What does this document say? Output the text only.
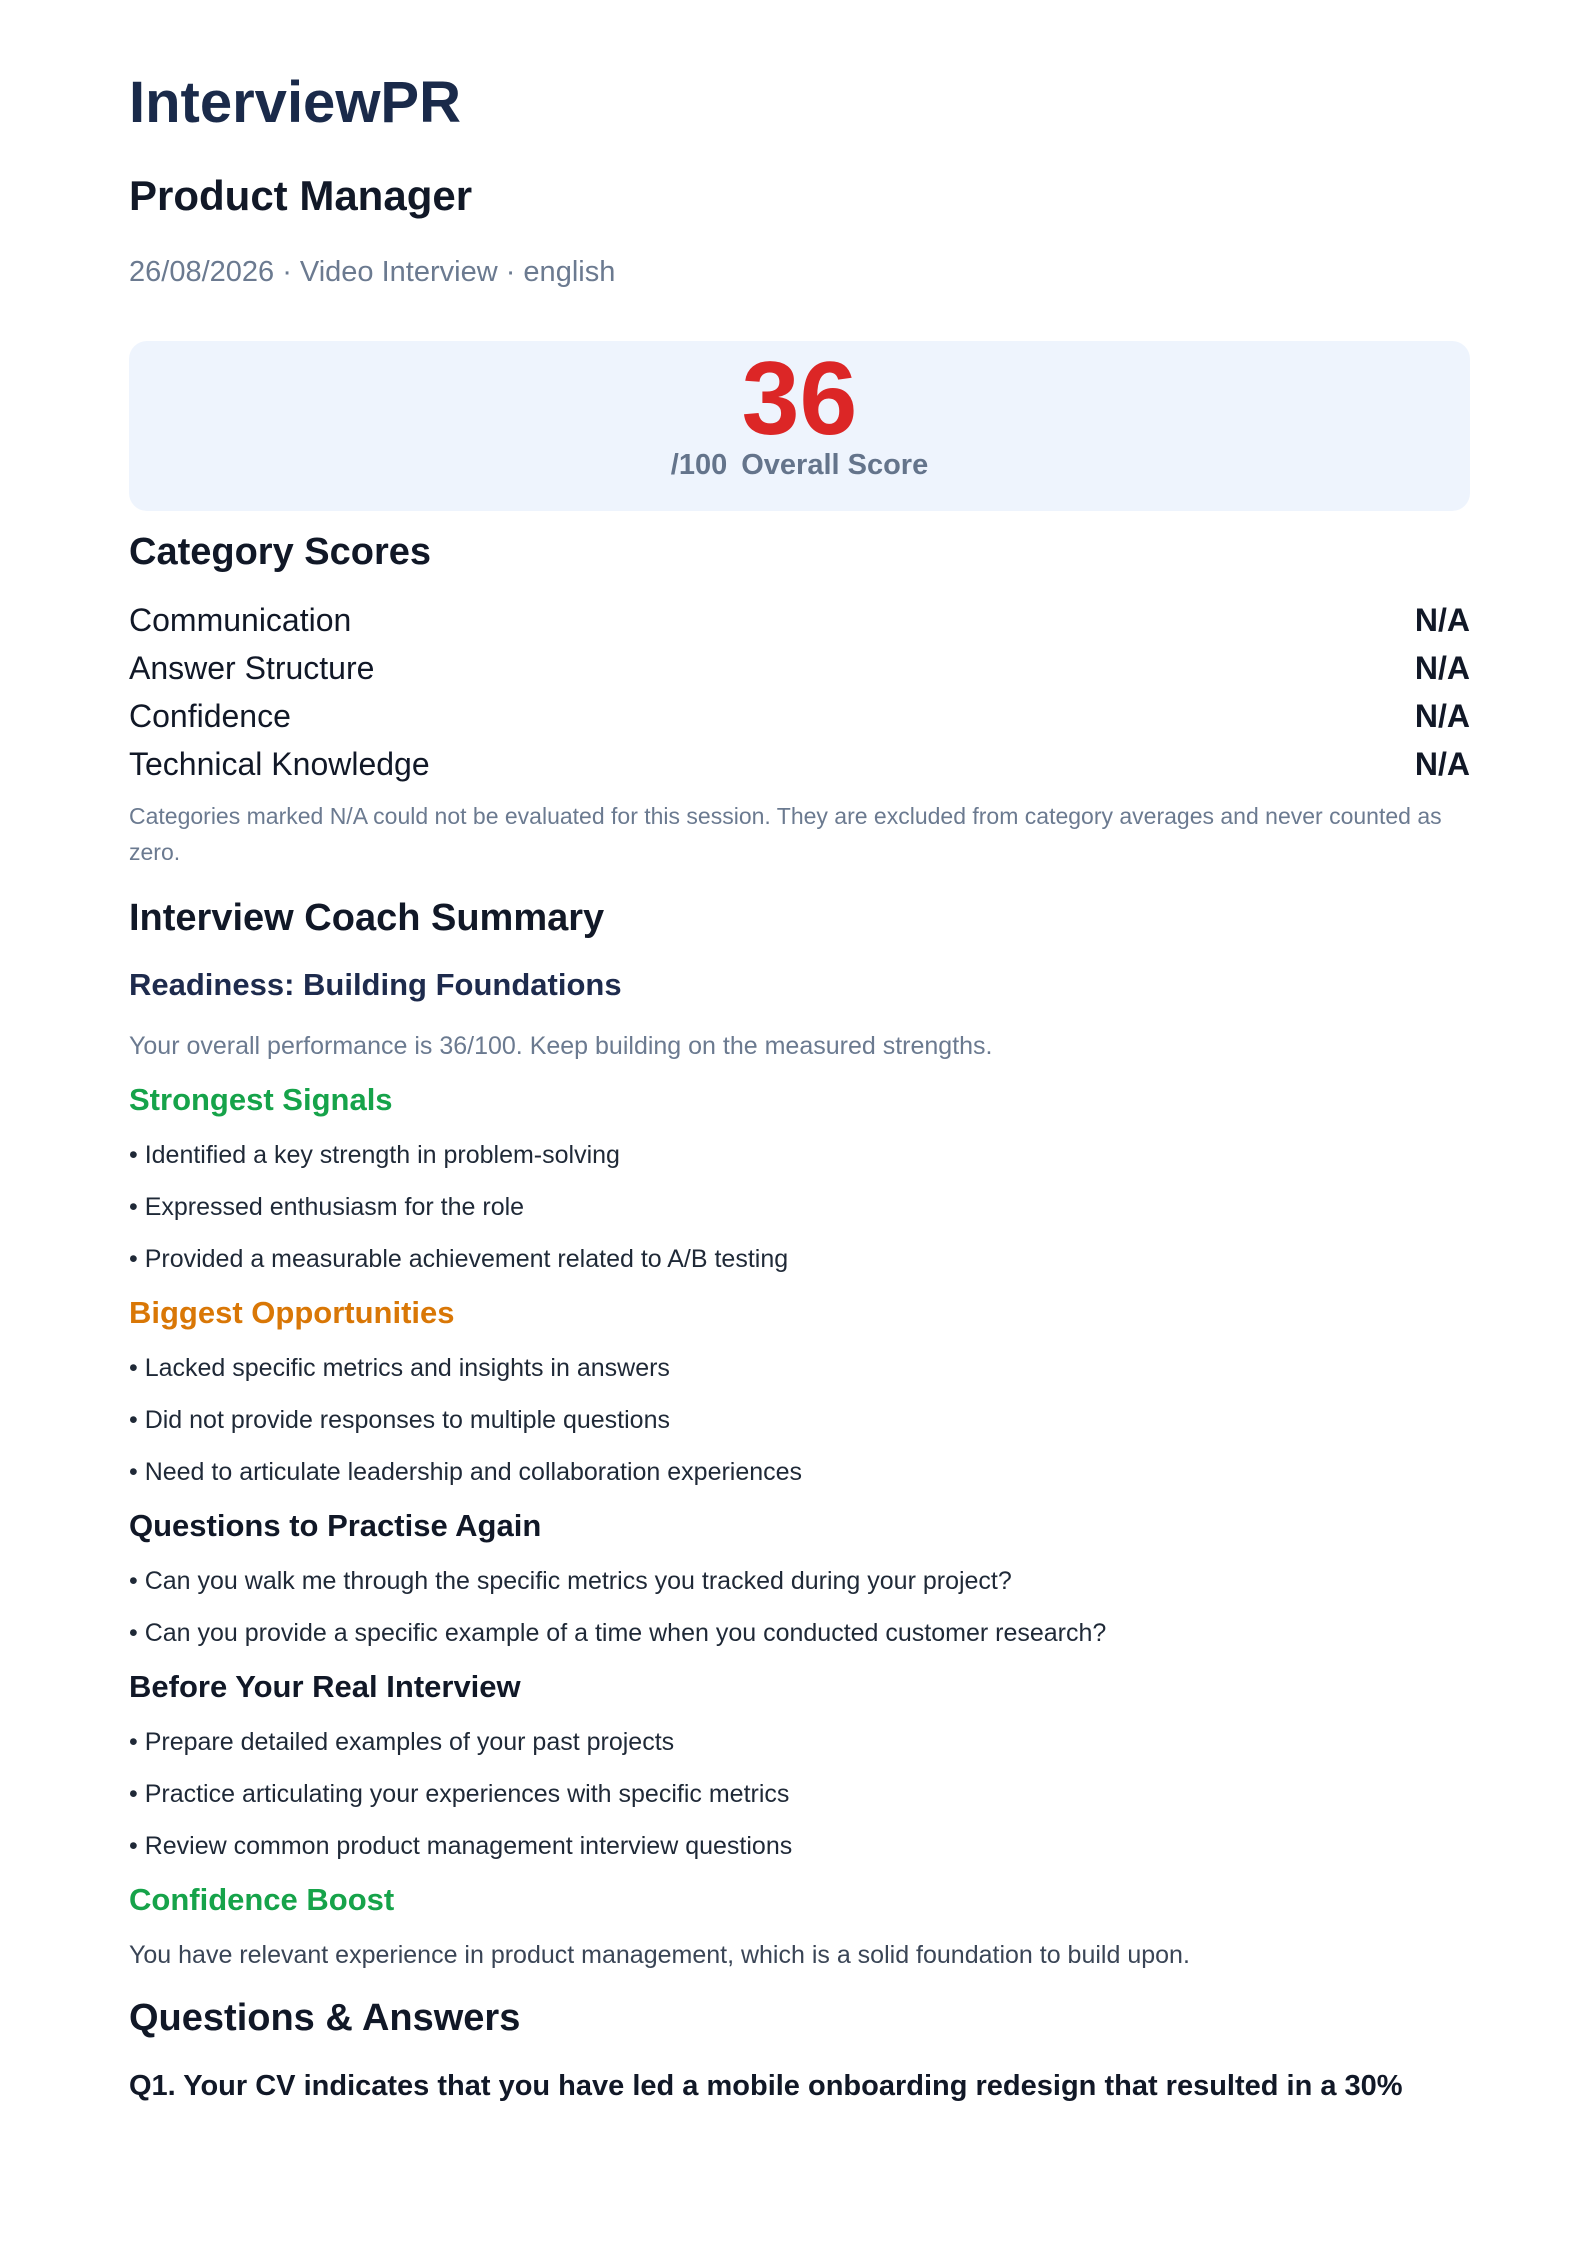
InterviewPR
Product Manager
26/08/2026 · Video Interview · english
36
/100 Overall Score
Category Scores
Communication	N/A
Answer Structure	N/A
Confidence	N/A
Technical Knowledge	N/A
Categories marked N/A could not be evaluated for this session. They are excluded from category averages and never counted as zero.
Interview Coach Summary
Readiness: Building Foundations
Your overall performance is 36/100. Keep building on the measured strengths.
Strongest Signals
• Identified a key strength in problem-solving
• Expressed enthusiasm for the role
• Provided a measurable achievement related to A/B testing
Biggest Opportunities
• Lacked specific metrics and insights in answers
• Did not provide responses to multiple questions
• Need to articulate leadership and collaboration experiences
Questions to Practise Again
• Can you walk me through the specific metrics you tracked during your project?
• Can you provide a specific example of a time when you conducted customer research?
Before Your Real Interview
• Prepare detailed examples of your past projects
• Practice articulating your experiences with specific metrics
• Review common product management interview questions
Confidence Boost
You have relevant experience in product management, which is a solid foundation to build upon.
Questions & Answers
Q1. Your CV indicates that you have led a mobile onboarding redesign that resulted in a 30%
